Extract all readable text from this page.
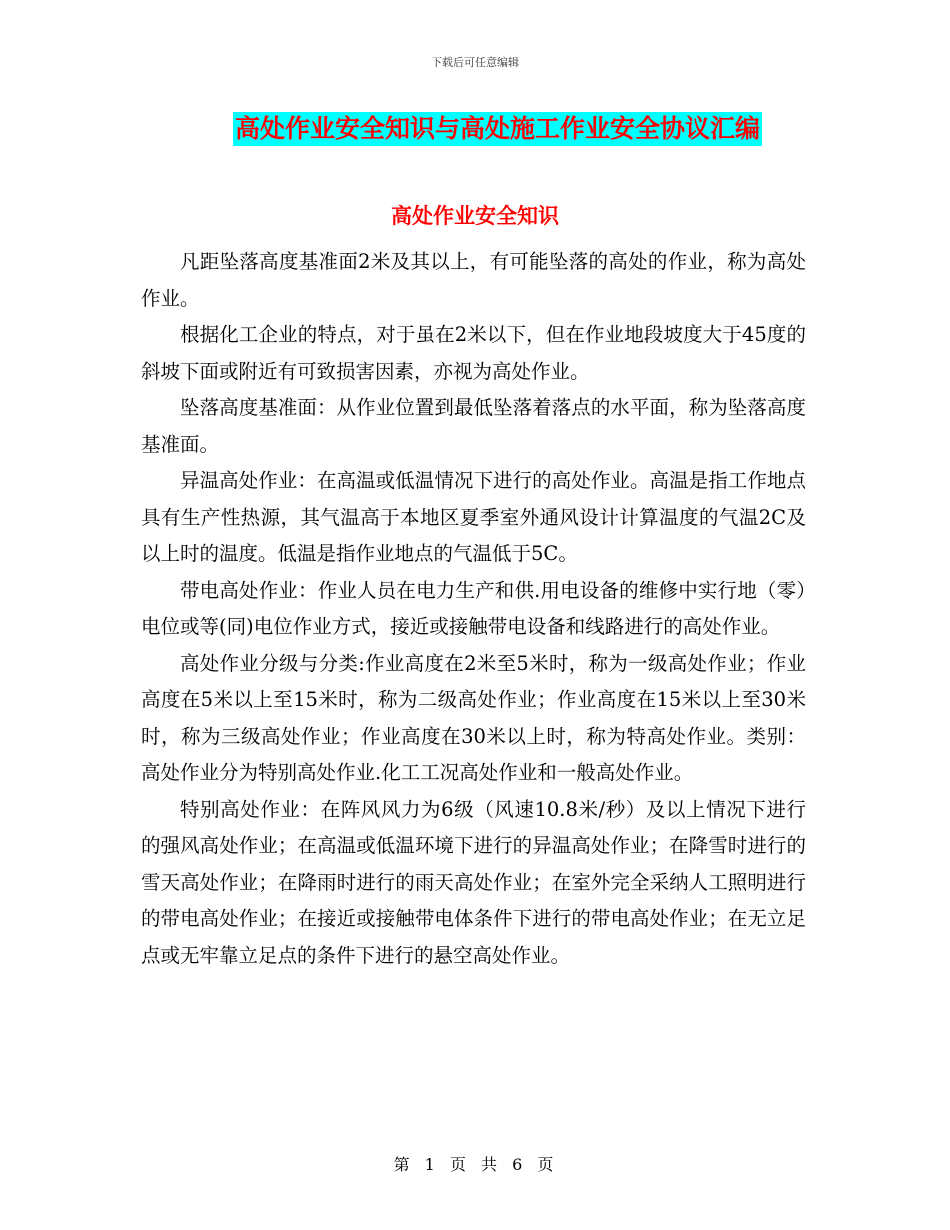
下载后可任意编辑
高处作业安全知识与高处施工作业安全协议汇编
高处作业安全知识

凡距坠落高度基准面2米及其以上，有可能坠落的高处的作业，称为高处作业。

根据化工企业的特点，对于虽在2米以下，但在作业地段坡度大于45度的斜坡下面或附近有可致损害因素，亦视为高处作业。

坠落高度基准面：从作业位置到最低坠落着落点的水平面，称为坠落高度基准面。

异温高处作业：在高温或低温情况下进行的高处作业。高温是指工作地点具有生产性热源，其气温高于本地区夏季室外通风设计计算温度的气温2C及以上时的温度。低温是指作业地点的气温低于5C。

带电高处作业：作业人员在电力生产和供.用电设备的维修中实行地（零）电位或等(同)电位作业方式，接近或接触带电设备和线路进行的高处作业。

高处作业分级与分类:作业高度在2米至5米时，称为一级高处作业；作业高度在5米以上至15米时，称为二级高处作业；作业高度在15米以上至30米时，称为三级高处作业；作业高度在30米以上时，称为特高处作业。类别：高处作业分为特别高处作业.化工工况高处作业和一般高处作业。

特别高处作业：在阵风风力为6级（风速10.8米/秒）及以上情况下进行的强风高处作业；在高温或低温环境下进行的异温高处作业；在降雪时进行的雪天高处作业；在降雨时进行的雨天高处作业；在室外完全采纳人工照明进行的带电高处作业；在接近或接触带电体条件下进行的带电高处作业；在无立足点或无牢靠立足点的条件下进行的悬空高处作业。

第 1 页 共 6 页
